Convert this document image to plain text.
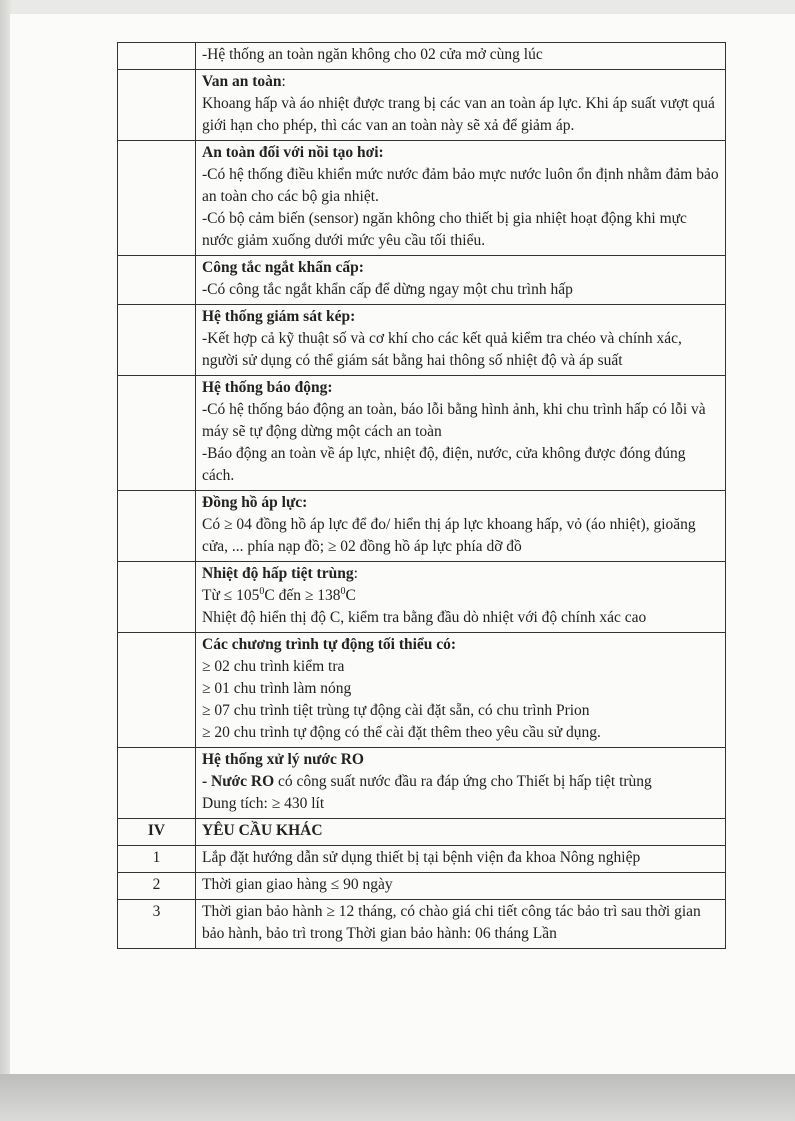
	-Hệ thống an toàn ngăn không cho 02 cửa mở cùng lúc

	Van an toàn:
Khoang hấp và áo nhiệt được trang bị các van an toàn áp lực. Khi áp suất vượt quá giới hạn cho phép, thì các van an toàn này sẽ xả để giảm áp.

	An toàn đối với nồi tạo hơi:
-Có hệ thống điều khiển mức nước đảm bảo mực nước luôn ổn định nhằm đảm bảo an toàn cho các bộ gia nhiệt.
-Có bộ cảm biến (sensor) ngăn không cho thiết bị gia nhiệt hoạt động khi mực nước giảm xuống dưới mức yêu cầu tối thiểu.

	Công tắc ngắt khẩn cấp:
-Có công tắc ngắt khẩn cấp để dừng ngay một chu trình hấp

	Hệ thống giám sát kép:
-Kết hợp cả kỹ thuật số và cơ khí cho các kết quả kiểm tra chéo và chính xác, người sử dụng có thể giám sát bằng hai thông số nhiệt độ và áp suất

	Hệ thống báo động:
-Có hệ thống báo động an toàn, báo lỗi bằng hình ảnh, khi chu trình hấp có lỗi và máy sẽ tự động dừng một cách an toàn
-Báo động an toàn về áp lực, nhiệt độ, điện, nước, cửa không được đóng đúng cách.

	Đồng hồ áp lực:
Có ≥ 04 đồng hồ áp lực để đo/ hiển thị áp lực khoang hấp, vỏ (áo nhiệt), gioăng cửa, ... phía nạp đồ; ≥ 02 đồng hồ áp lực phía dỡ đồ

	Nhiệt độ hấp tiệt trùng:
Từ ≤ $105^0C$ đến ≥ $138^0C$
Nhiệt độ hiển thị độ C, kiểm tra bằng đầu dò nhiệt với độ chính xác cao

	Các chương trình tự động tối thiểu có:
≥ 02 chu trình kiểm tra
≥ 01 chu trình làm nóng
≥ 07 chu trình tiệt trùng tự động cài đặt sẵn, có chu trình Prion
≥ 20 chu trình tự động có thể cài đặt thêm theo yêu cầu sử dụng.

	Hệ thống xử lý nước RO
- Nước RO có công suất nước đầu ra đáp ứng cho Thiết bị hấp tiệt trùng
Dung tích: ≥ 430 lít

IV	YÊU CẦU KHÁC
1	Lắp đặt hướng dẫn sử dụng thiết bị tại bệnh viện đa khoa Nông nghiệp
2	Thời gian giao hàng ≤ 90 ngày
3	Thời gian bảo hành ≥ 12 tháng, có chào giá chi tiết công tác bảo trì sau thời gian bảo hành, bảo trì trong Thời gian bảo hành: 06 tháng Lần
